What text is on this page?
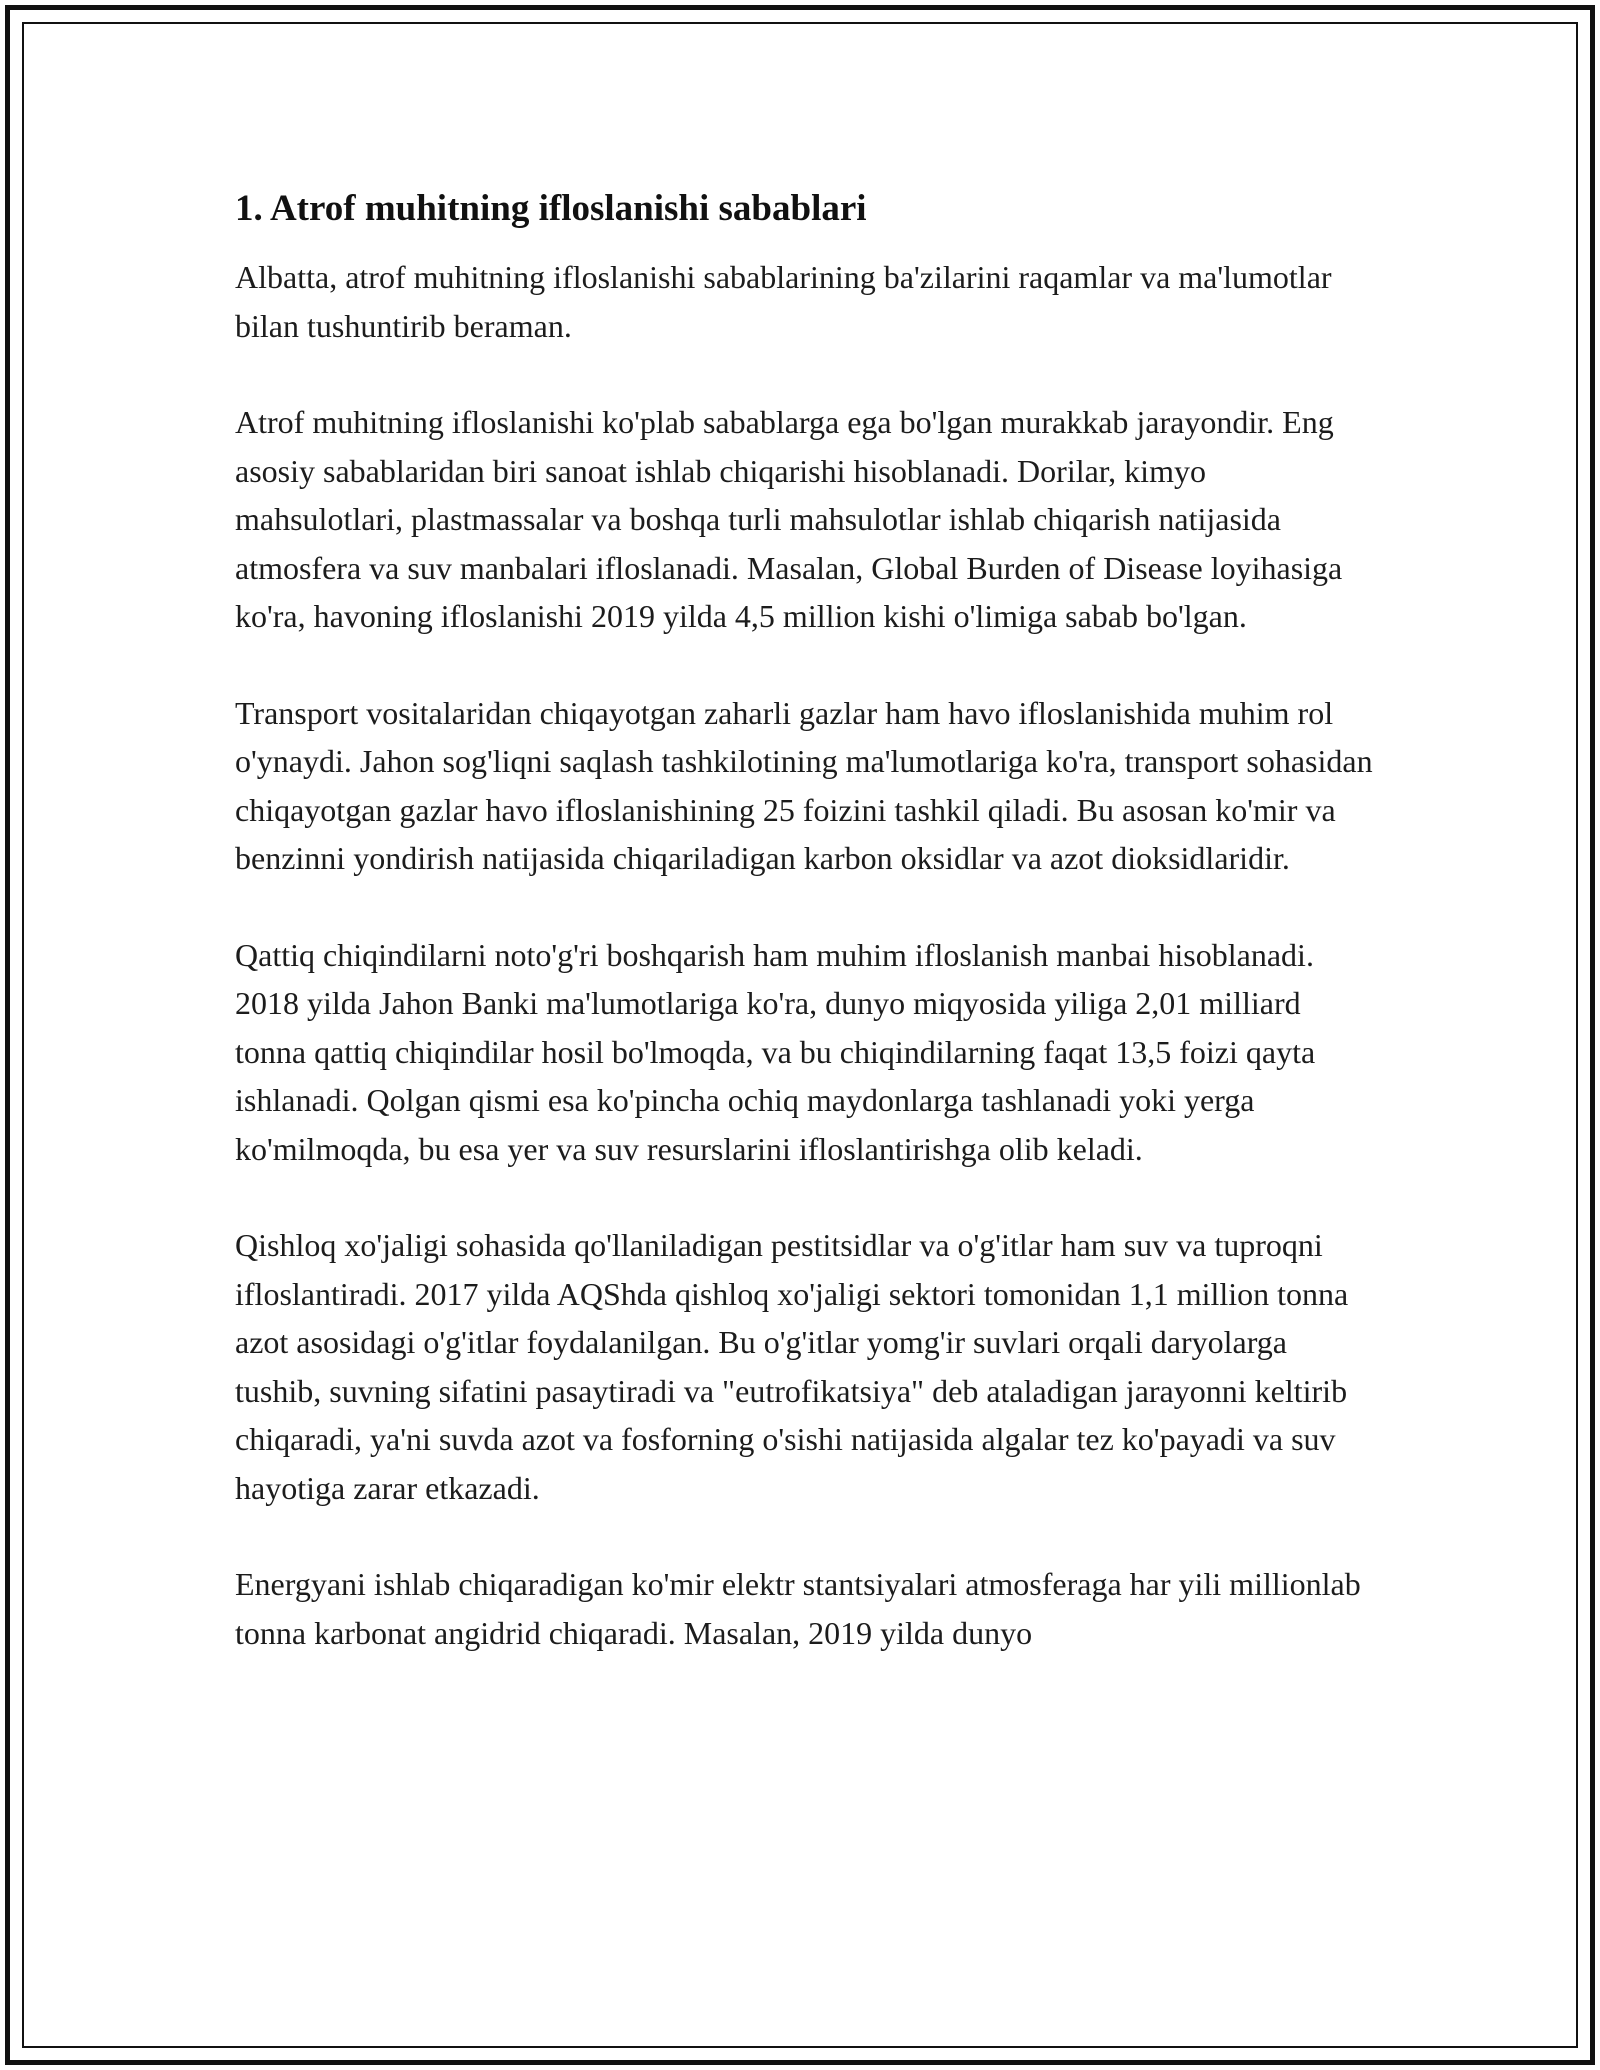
1. Atrof muhitning ifloslanishi sabablari

Albatta, atrof muhitning ifloslanishi sabablarining ba'zilarini raqamlar va ma'lumotlar bilan tushuntirib beraman.

Atrof muhitning ifloslanishi ko'plab sabablarga ega bo'lgan murakkab jarayondir. Eng asosiy sabablaridan biri sanoat ishlab chiqarishi hisoblanadi. Dorilar, kimyo mahsulotlari, plastmassalar va boshqa turli mahsulotlar ishlab chiqarish natijasida atmosfera va suv manbalari ifloslanadi. Masalan, Global Burden of Disease loyihasiga ko'ra, havoning ifloslanishi 2019 yilda 4,5 million kishi o'limiga sabab bo'lgan.

Transport vositalaridan chiqayotgan zaharli gazlar ham havo ifloslanishida muhim rol o'ynaydi. Jahon sog'liqni saqlash tashkilotining ma'lumotlariga ko'ra, transport sohasidan chiqayotgan gazlar havo ifloslanishining 25 foizini tashkil qiladi. Bu asosan ko'mir va benzinni yondirish natijasida chiqariladigan karbon oksidlar va azot dioksidlaridir.

Qattiq chiqindilarni noto'g'ri boshqarish ham muhim ifloslanish manbai hisoblanadi. 2018 yilda Jahon Banki ma'lumotlariga ko'ra, dunyo miqyosida yiliga 2,01 milliard tonna qattiq chiqindilar hosil bo'lmoqda, va bu chiqindilarning faqat 13,5 foizi qayta ishlanadi. Qolgan qismi esa ko'pincha ochiq maydonlarga tashlanadi yoki yerga ko'milmoqda, bu esa yer va suv resurslarini ifloslantirishga olib keladi.

Qishloq xo'jaligi sohasida qo'llaniladigan pestitsidlar va o'g'itlar ham suv va tuproqni ifloslantiradi. 2017 yilda AQShda qishloq xo'jaligi sektori tomonidan 1,1 million tonna azot asosidagi o'g'itlar foydalanilgan. Bu o'g'itlar yomg'ir suvlari orqali daryolarga tushib, suvning sifatini pasaytiradi va "eutrofikatsiya" deb ataladigan jarayonni keltirib chiqaradi, ya'ni suvda azot va fosforning o'sishi natijasida algalar tez ko'payadi va suv hayotiga zarar etkazadi.

Energyani ishlab chiqaradigan ko'mir elektr stantsiyalari atmosferaga har yili millionlab tonna karbonat angidrid chiqaradi. Masalan, 2019 yilda dunyo
